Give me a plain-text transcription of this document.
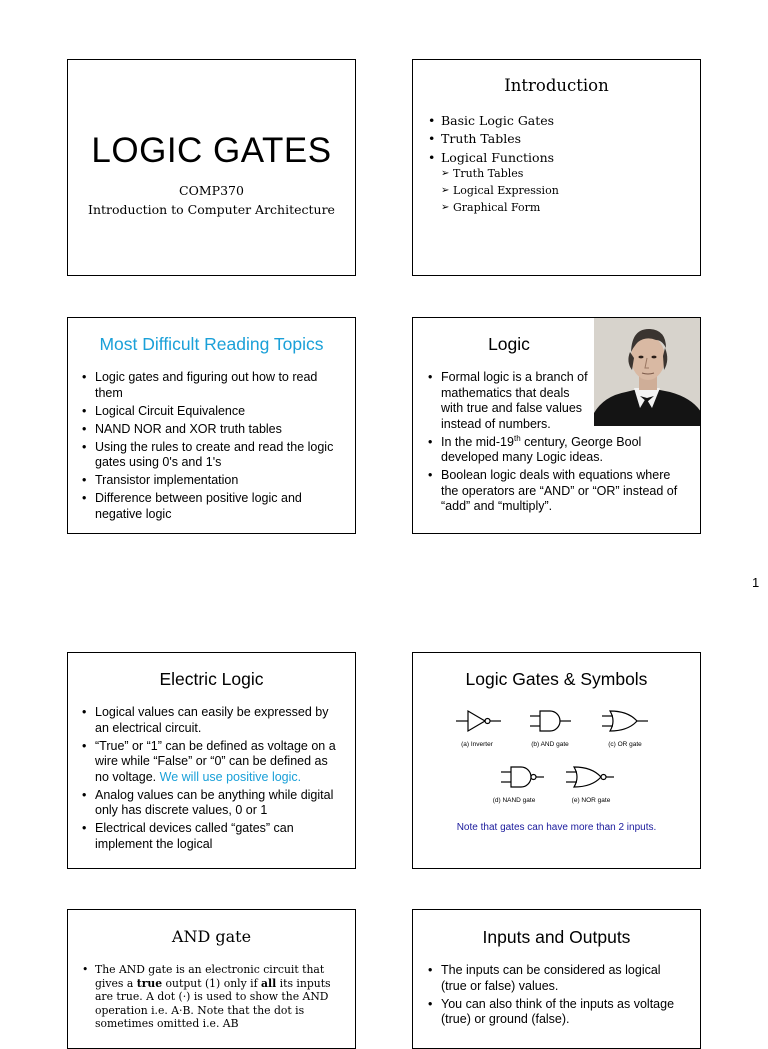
LOGIC GATES
COMP370
Introduction to Computer Architecture
Introduction
• Basic Logic Gates
• Truth Tables
• Logical Functions
➢ Truth Tables
➢ Logical Expression
➢ Graphical Form
Most Difficult Reading Topics
• Logic gates and figuring out how to read them
• Logical Circuit Equivalence
• NAND NOR and XOR truth tables
• Using the rules to create and read the logic gates using 0's and 1's
• Transistor implementation
• Difference between positive logic and negative logic
Logic
• Formal logic is a branch of mathematics that deals with true and false values instead of numbers.
• In the mid-19th century, George Bool developed many Logic ideas.
• Boolean logic deals with equations where the operators are “AND” or “OR” instead of “add” and “multiply”.
1
Electric Logic
• Logical values can easily be expressed by an electrical circuit.
• “True” or “1” can be defined as voltage on a wire while “False” or “0” can be defined as no voltage. We will use positive logic.
• Analog values can be anything while digital only has discrete values, 0 or 1
• Electrical devices called “gates” can implement the logical
Logic Gates & Symbols
(a) Inverter	(b) AND gate	(c) OR gate
(d) NAND gate	(e) NOR gate
Note that gates can have more than 2 inputs.
AND gate
• The AND gate is an electronic circuit that gives a true output (1) only if all its inputs are true. A dot (·) is used to show the AND operation i.e. A·B. Note that the dot is sometimes omitted i.e. AB
Inputs and Outputs
• The inputs can be considered as logical (true or false) values.
• You can also think of the inputs as voltage (true) or ground (false).
